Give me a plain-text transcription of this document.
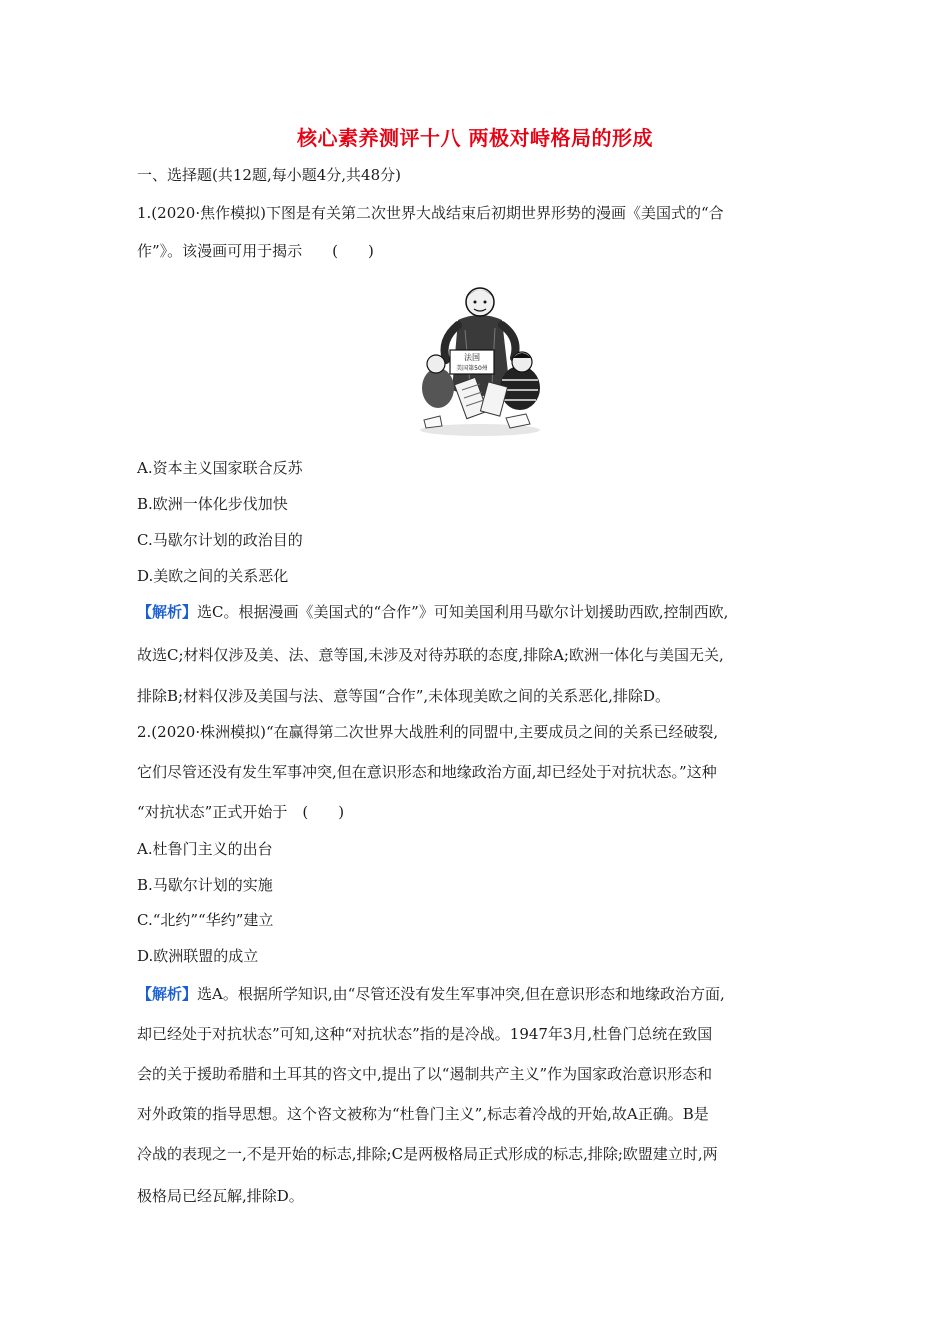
核心素养测评十八 两极对峙格局的形成
一、选择题(共12题,每小题4分,共48分)
1.(2020·焦作模拟)下图是有关第二次世界大战结束后初期世界形势的漫画《美国式的“合
作”》。该漫画可用于揭示　　(　　)
法国
美国第50州
A.资本主义国家联合反苏
B.欧洲一体化步伐加快
C.马歇尔计划的政治目的
D.美欧之间的关系恶化
【解析】选C。根据漫画《美国式的“合作”》可知美国利用马歇尔计划援助西欧,控制西欧,
故选C;材料仅涉及美、法、意等国,未涉及对待苏联的态度,排除A;欧洲一体化与美国无关,
排除B;材料仅涉及美国与法、意等国“合作”,未体现美欧之间的关系恶化,排除D。
2.(2020·株洲模拟)“在赢得第二次世界大战胜利的同盟中,主要成员之间的关系已经破裂,
它们尽管还没有发生军事冲突,但在意识形态和地缘政治方面,却已经处于对抗状态。”这种
“对抗状态”正式开始于　(　　)
A.杜鲁门主义的出台
B.马歇尔计划的实施
C.“北约”“华约”建立
D.欧洲联盟的成立
【解析】选A。根据所学知识,由“尽管还没有发生军事冲突,但在意识形态和地缘政治方面,
却已经处于对抗状态”可知,这种“对抗状态”指的是冷战。1947年3月,杜鲁门总统在致国
会的关于援助希腊和土耳其的咨文中,提出了以“遏制共产主义”作为国家政治意识形态和
对外政策的指导思想。这个咨文被称为“杜鲁门主义”,标志着冷战的开始,故A正确。B是
冷战的表现之一,不是开始的标志,排除;C是两极格局正式形成的标志,排除;欧盟建立时,两
极格局已经瓦解,排除D。
